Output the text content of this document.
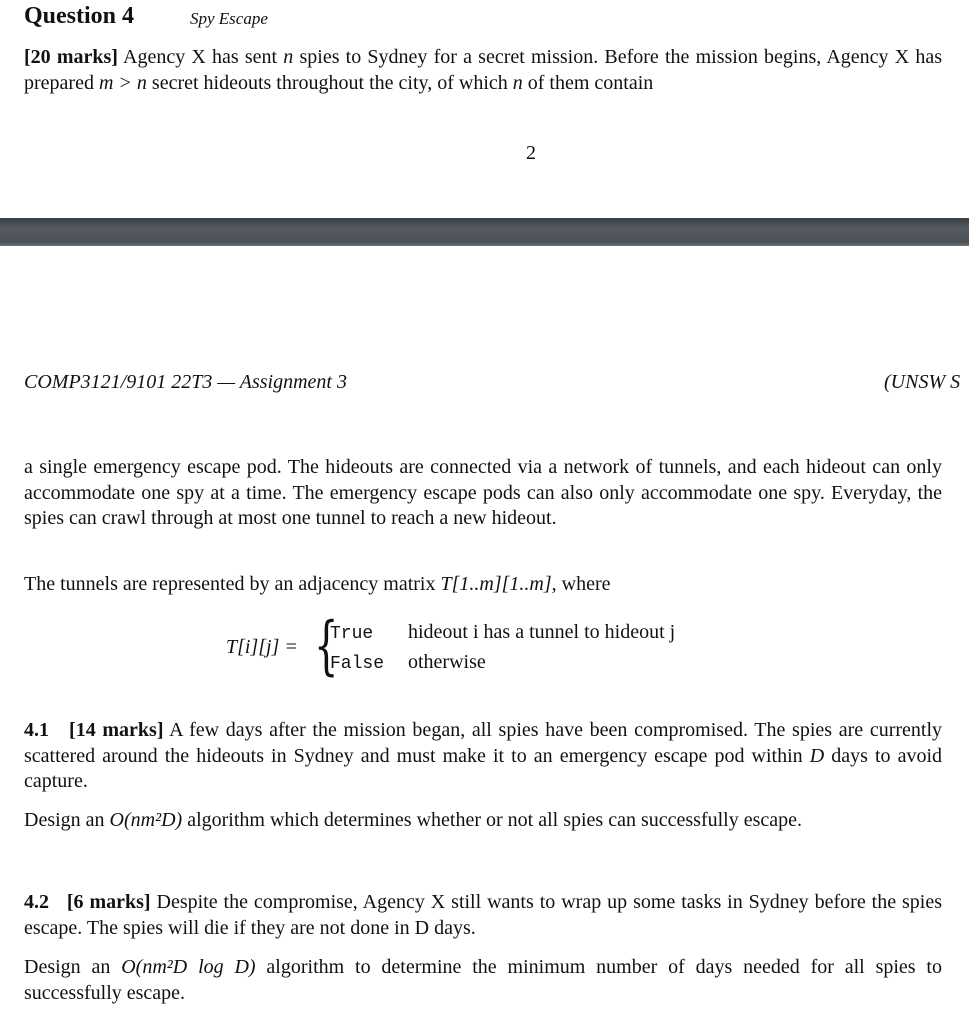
Question 4	Spy Escape
[20 marks] Agency X has sent n spies to Sydney for a secret mission. Before the mission begins, Agency X has prepared m > n secret hideouts throughout the city, of which n of them contain
2
COMP3121/9101 22T3 — Assignment 3	(UNSW S
a single emergency escape pod. The hideouts are connected via a network of tunnels, and each hideout can only accommodate one spy at a time. The emergency escape pods can also only accommodate one spy. Everyday, the spies can crawl through at most one tunnel to reach a new hideout.
The tunnels are represented by an adjacency matrix T[1..m][1..m], where
T[i][j] = {
True hideout i has a tunnel to hideout j
False otherwise
4.1 [14 marks] A few days after the mission began, all spies have been compromised. The spies are currently scattered around the hideouts in Sydney and must make it to an emergency escape pod within D days to avoid capture.
Design an O(nm²D) algorithm which determines whether or not all spies can successfully escape.
4.2 [6 marks] Despite the compromise, Agency X still wants to wrap up some tasks in Sydney before the spies escape. The spies will die if they are not done in D days.
Design an O(nm²D log D) algorithm to determine the minimum number of days needed for all spies to successfully escape.
